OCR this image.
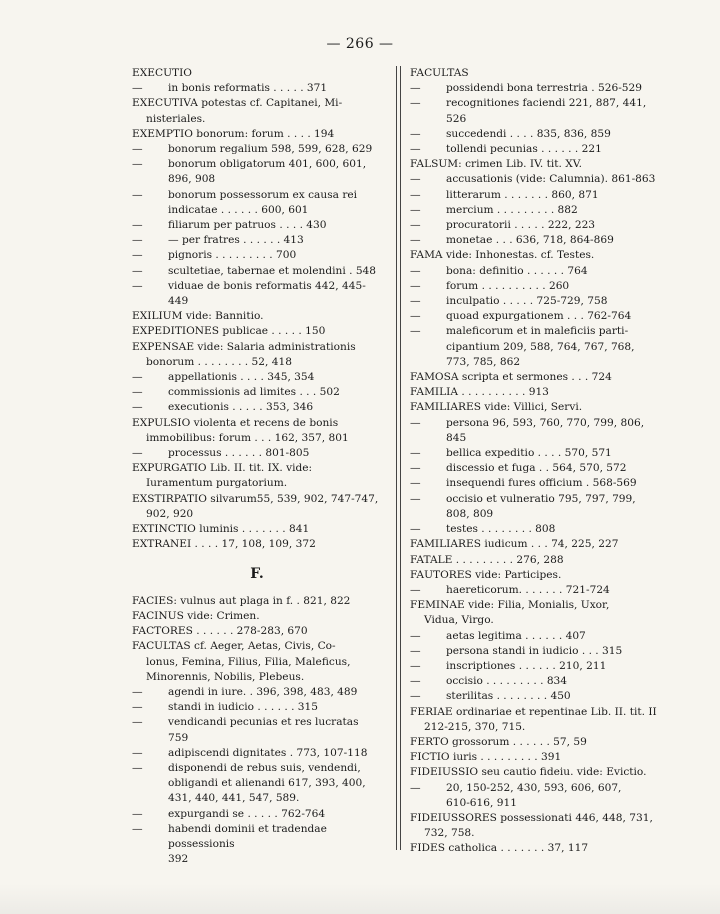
— 266 —
EXECUTIO
—	in bonis reformatis . . . . . 371
EXECUTIVA potestas cf. Capitanei, Mi-
nisteriales.
EXEMPTIO bonorum: forum . . . . 194
—	bonorum regalium 598, 599, 628, 629
—	bonorum obligatorum 401, 600, 601,
896, 908
—	bonorum possessorum ex causa rei
indicatae . . . . . . 600, 601
—	filiarum per patruos . . . . 430
—	— per fratres . . . . . . 413
—	pignoris . . . . . . . . . 700
—	scultetiae, tabernae et molendini . 548
—	viduae de bonis reformatis 442, 445-449
EXILIUM vide: Bannitio.
EXPEDITIONES publicae . . . . . 150
EXPENSAE vide: Salaria administrationis
bonorum . . . . . . . . 52, 418
—	appellationis . . . . 345, 354
—	commissionis ad limites . . . 502
—	executionis . . . . . 353, 346
EXPULSIO violenta et recens de bonis
immobilibus: forum . . . 162, 357, 801
—	processus . . . . . . 801-805
EXPURGATIO Lib. II. tit. IX. vide:
Iuramentum purgatorium.
EXSTIRPATIO silvarum55, 539, 902, 747-747,
902, 920
EXTINCTIO luminis . . . . . . . 841
EXTRANEI . . . . 17, 108, 109, 372
F.
FACIES: vulnus aut plaga in f. . 821, 822
FACINUS vide: Crimen.
FACTORES . . . . . . 278-283, 670
FACULTAS cf. Aeger, Aetas, Civis, Co-
lonus, Femina, Filius, Filia, Maleficus,
Minorennis, Nobilis, Plebeus.
—	agendi in iure. . 396, 398, 483, 489
—	standi in iudicio . . . . . . 315
—	vendicandi pecunias et res lucratas 759
—	adipiscendi dignitates . 773, 107-118
—	disponendi de rebus suis, vendendi,
obligandi et alienandi 617, 393, 400,
431, 440, 441, 547, 589.
—	expurgandi se . . . . . 762-764
—	habendi dominii et tradendae possessionis
392
FACULTAS
—	possidendi bona terrestria . 526-529
—	recognitiones faciendi 221, 887, 441, 526
—	succedendi . . . . 835, 836, 859
—	tollendi pecunias . . . . . . 221
FALSUM: crimen Lib. IV. tit. XV.
—	accusationis (vide: Calumnia). 861-863
—	litterarum . . . . . . . 860, 871
—	mercium . . . . . . . . . 882
—	procuratorii . . . . . 222, 223
—	monetae . . . 636, 718, 864-869
FAMA vide: Inhonestas. cf. Testes.
—	bona: definitio . . . . . . 764
—	forum . . . . . . . . . . 260
—	inculpatio . . . . . 725-729, 758
—	quoad expurgationem . . . 762-764
—	maleficorum et in maleficiis parti-
cipantium 209, 588, 764, 767, 768,
773, 785, 862
FAMOSA scripta et sermones . . . 724
FAMILIA . . . . . . . . . . 913
FAMILIARES vide: Villici, Servi.
—	persona 96, 593, 760, 770, 799, 806, 845
—	bellica expeditio . . . . 570, 571
—	discessio et fuga . . 564, 570, 572
—	insequendi fures officium . 568-569
—	occisio et vulneratio 795, 797, 799,
808, 809
—	testes . . . . . . . . 808
FAMILIARES iudicum . . . 74, 225, 227
FATALE . . . . . . . . . 276, 288
FAUTORES vide: Participes.
—	haereticorum. . . . . . . 721-724
FEMINAE vide: Filia, Monialis, Uxor,
Vidua, Virgo.
—	aetas legitima . . . . . . 407
—	persona standi in iudicio . . . 315
—	inscriptiones . . . . . . 210, 211
—	occisio . . . . . . . . . 834
—	sterilitas . . . . . . . . 450
FERIAE ordinariae et repentinae Lib. II. tit. II
212-215, 370, 715.
FERTO grossorum . . . . . . 57, 59
FICTIO iuris . . . . . . . . . 391
FIDEIUSSIO seu cautio fideiu. vide: Evictio.
—	20, 150-252, 430, 593, 606, 607,
610-616, 911
FIDEIUSSORES possessionati 446, 448, 731,
732, 758.
FIDES catholica . . . . . . . 37, 117
